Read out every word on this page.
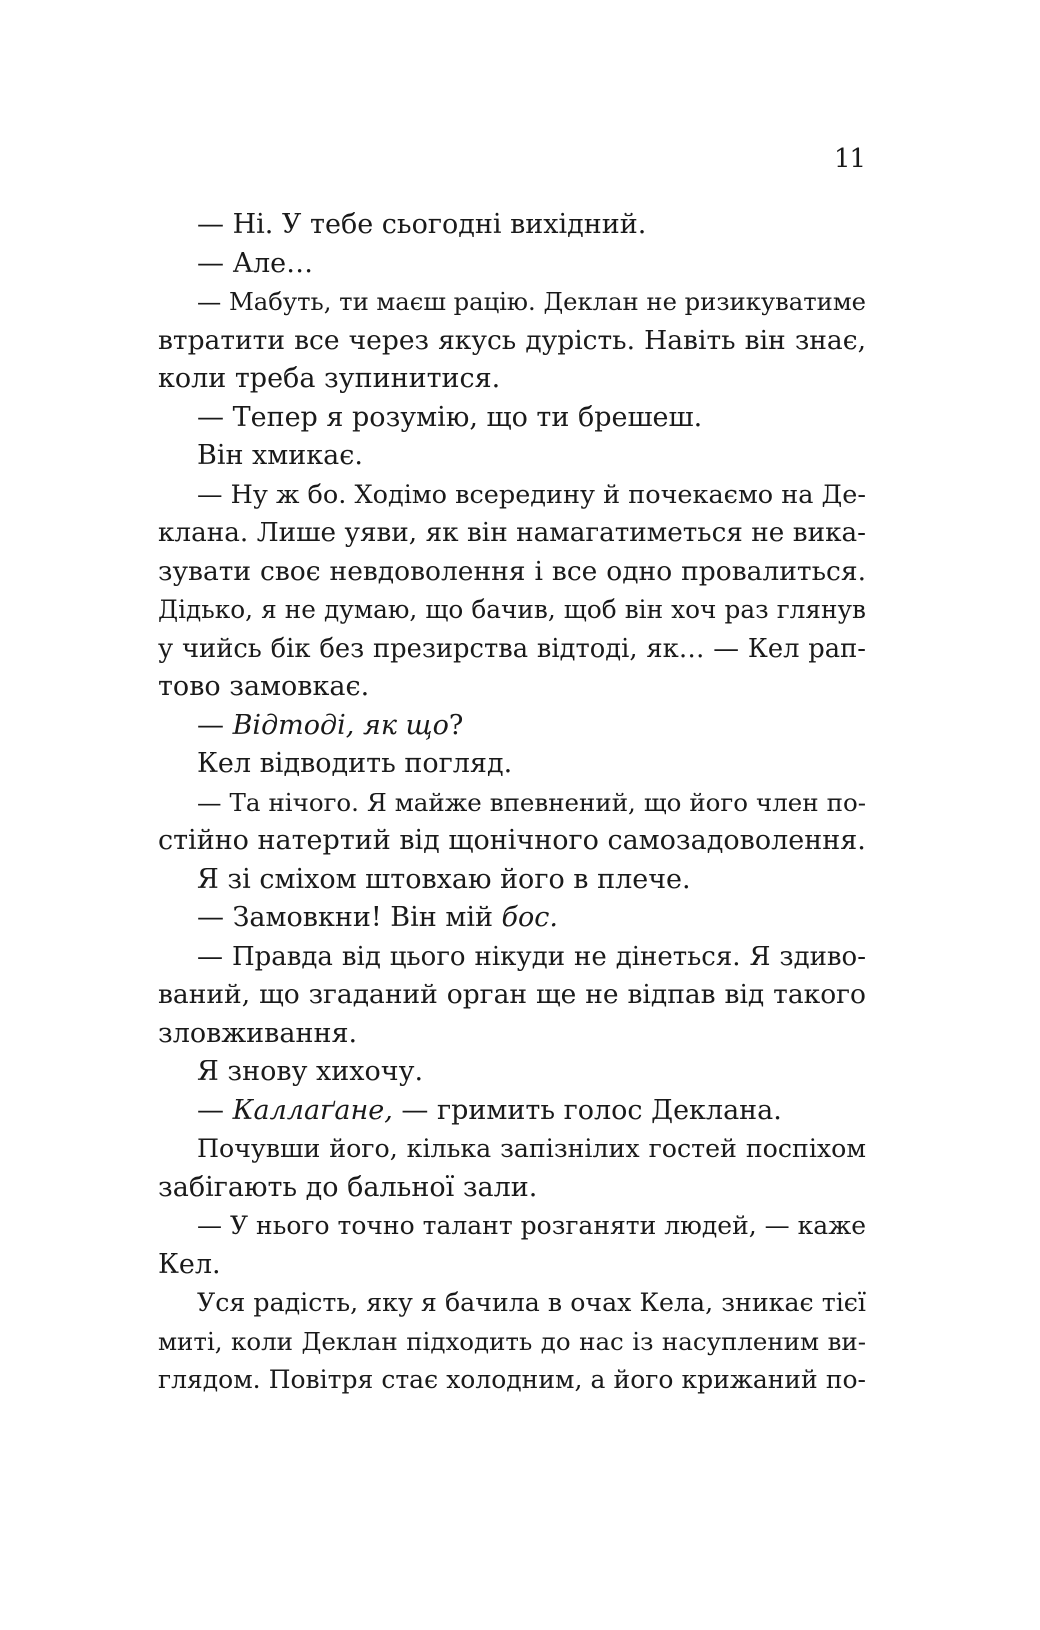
11
— Ні. У тебе сьогодні вихідний.
— Але…
— Мабуть, ти маєш рацію. Деклан не ризикуватиме
втратити все через якусь дурість. Навіть він знає,
коли треба зупинитися.
— Тепер я розумію, що ти брешеш.
Він хмикає.
— Ну ж бо. Ходімо всередину й почекаємо на Де-
клана. Лише уяви, як він намагатиметься не вика-
зувати своє невдоволення і все одно провалиться.
Дідько, я не думаю, що бачив, щоб він хоч раз глянув
у чийсь бік без презирства відтоді, як… — Кел рап-
тово замовкає.
— Відтоді, як що?
Кел відводить погляд.
— Та нічого. Я майже впевнений, що його член по-
стійно натертий від щонічного самозадоволення.
Я зі сміхом штовхаю його в плече.
— Замовкни! Він мій бос.
— Правда від цього нікуди не дінеться. Я здиво-
ваний, що згаданий орган ще не відпав від такого
зловживання.
Я знову хихочу.
— Каллаґане, — гримить голос Деклана.
Почувши його, кілька запізнілих гостей поспіхом
забігають до бальної зали.
— У нього точно талант розганяти людей, — каже
Кел.
Уся радість, яку я бачила в очах Кела, зникає тієї
миті, коли Деклан підходить до нас із насупленим ви-
глядом. Повітря стає холодним, а його крижаний по-
